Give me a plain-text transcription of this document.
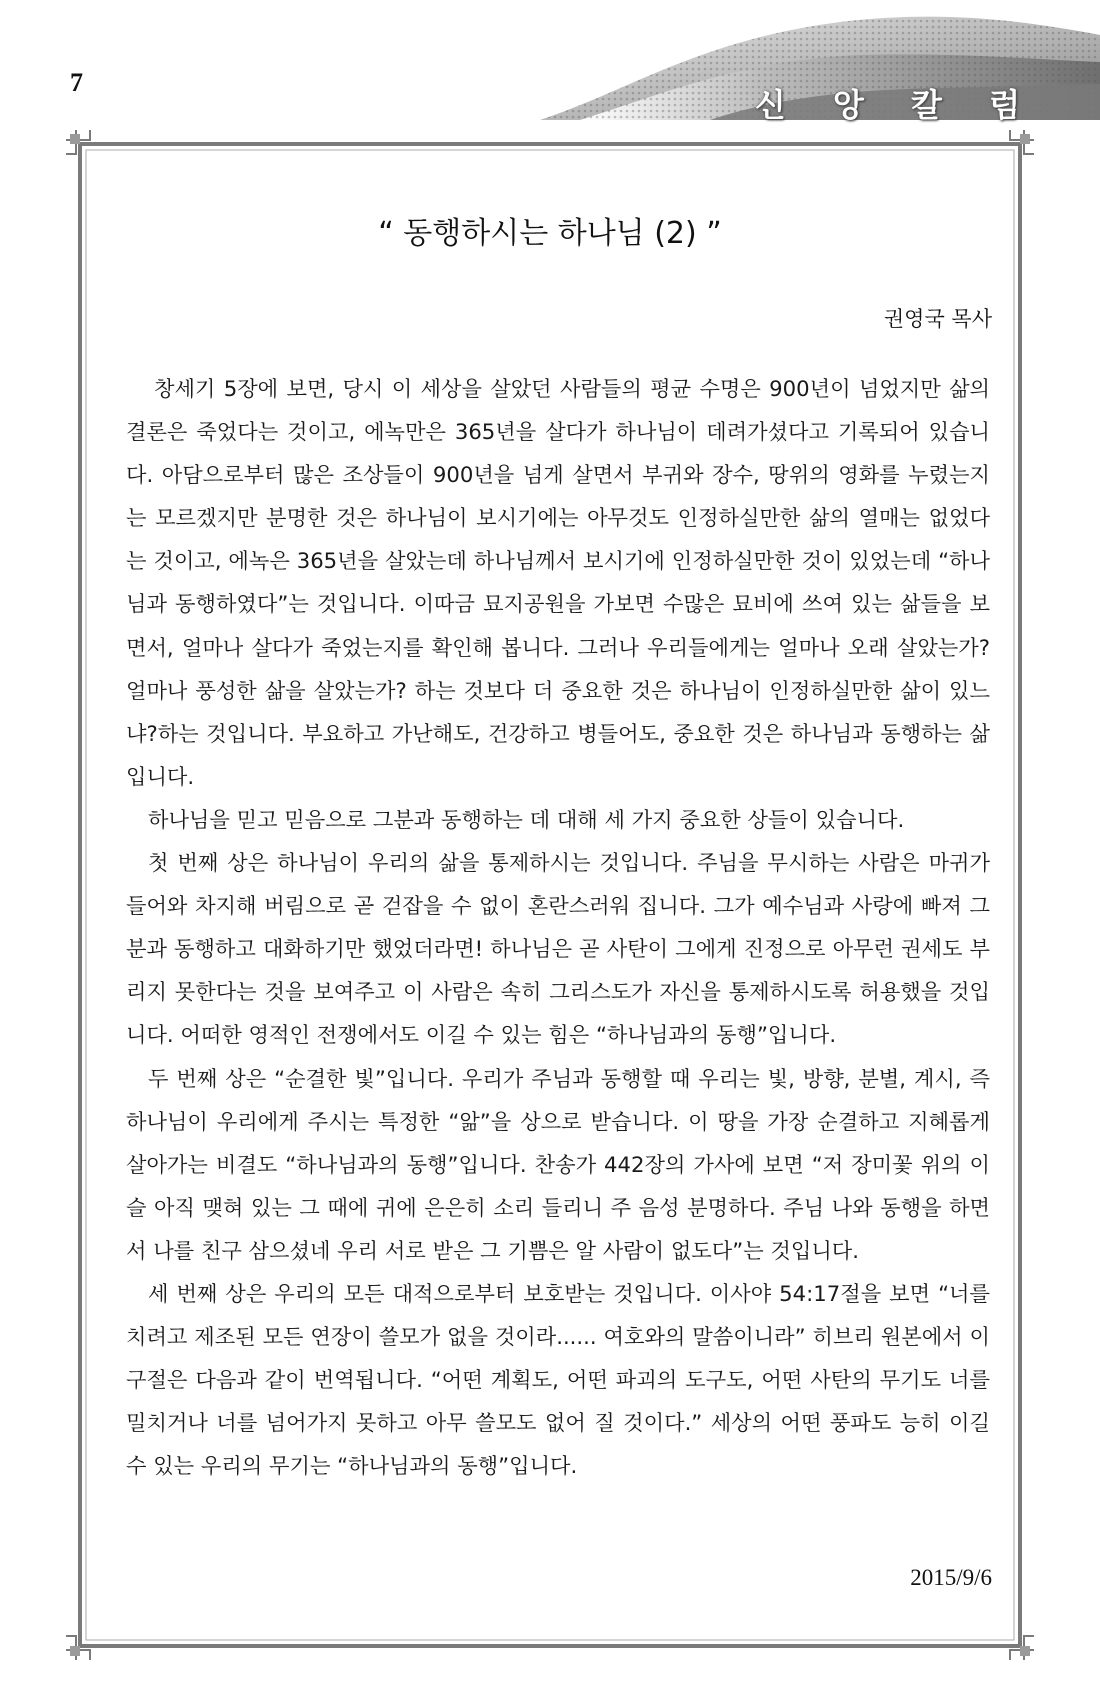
7
신 앙 칼 럼
“ 동행하시는 하나님 (2) ”
권영국 목사

창세기 5장에 보면, 당시 이 세상을 살았던 사람들의 평균 수명은 900년이 넘었지만 삶의 결론은 죽었다는 것이고, 에녹만은 365년을 살다가 하나님이 데려가셨다고 기록되어 있습니다. 아담으로부터 많은 조상들이 900년을 넘게 살면서 부귀와 장수, 땅위의 영화를 누렸는지는 모르겠지만 분명한 것은 하나님이 보시기에는 아무것도 인정하실만한 삶의 열매는 없었다는 것이고, 에녹은 365년을 살았는데 하나님께서 보시기에 인정하실만한 것이 있었는데 “하나님과 동행하였다”는 것입니다. 이따금 묘지공원을 가보면 수많은 묘비에 쓰여 있는 삶들을 보면서, 얼마나 살다가 죽었는지를 확인해 봅니다. 그러나 우리들에게는 얼마나 오래 살았는가? 얼마나 풍성한 삶을 살았는가? 하는 것보다 더 중요한 것은 하나님이 인정하실만한 삶이 있느냐?하는 것입니다. 부요하고 가난해도, 건강하고 병들어도, 중요한 것은 하나님과 동행하는 삶입니다.

하나님을 믿고 믿음으로 그분과 동행하는 데 대해 세 가지 중요한 상들이 있습니다.

첫 번째 상은 하나님이 우리의 삶을 통제하시는 것입니다. 주님을 무시하는 사람은 마귀가 들어와 차지해 버림으로 곧 걷잡을 수 없이 혼란스러워 집니다. 그가 예수님과 사랑에 빠져 그분과 동행하고 대화하기만 했었더라면! 하나님은 곧 사탄이 그에게 진정으로 아무런 권세도 부리지 못한다는 것을 보여주고 이 사람은 속히 그리스도가 자신을 통제하시도록 허용했을 것입니다. 어떠한 영적인 전쟁에서도 이길 수 있는 힘은 “하나님과의 동행”입니다.

두 번째 상은 “순결한 빛”입니다. 우리가 주님과 동행할 때 우리는 빛, 방향, 분별, 계시, 즉 하나님이 우리에게 주시는 특정한 “앎”을 상으로 받습니다. 이 땅을 가장 순결하고 지혜롭게 살아가는 비결도 “하나님과의 동행”입니다. 찬송가 442장의 가사에 보면 “저 장미꽃 위의 이슬 아직 맺혀 있는 그 때에 귀에 은은히 소리 들리니 주 음성 분명하다. 주님 나와 동행을 하면서 나를 친구 삼으셨네 우리 서로 받은 그 기쁨은 알 사람이 없도다”는 것입니다.

세 번째 상은 우리의 모든 대적으로부터 보호받는 것입니다. 이사야 54:17절을 보면 “너를 치려고 제조된 모든 연장이 쓸모가 없을 것이라...... 여호와의 말씀이니라” 히브리 원본에서 이 구절은 다음과 같이 번역됩니다. “어떤 계획도, 어떤 파괴의 도구도, 어떤 사탄의 무기도 너를 밀치거나 너를 넘어가지 못하고 아무 쓸모도 없어 질 것이다.” 세상의 어떤 풍파도 능히 이길 수 있는 우리의 무기는 “하나님과의 동행”입니다.

2015/9/6
